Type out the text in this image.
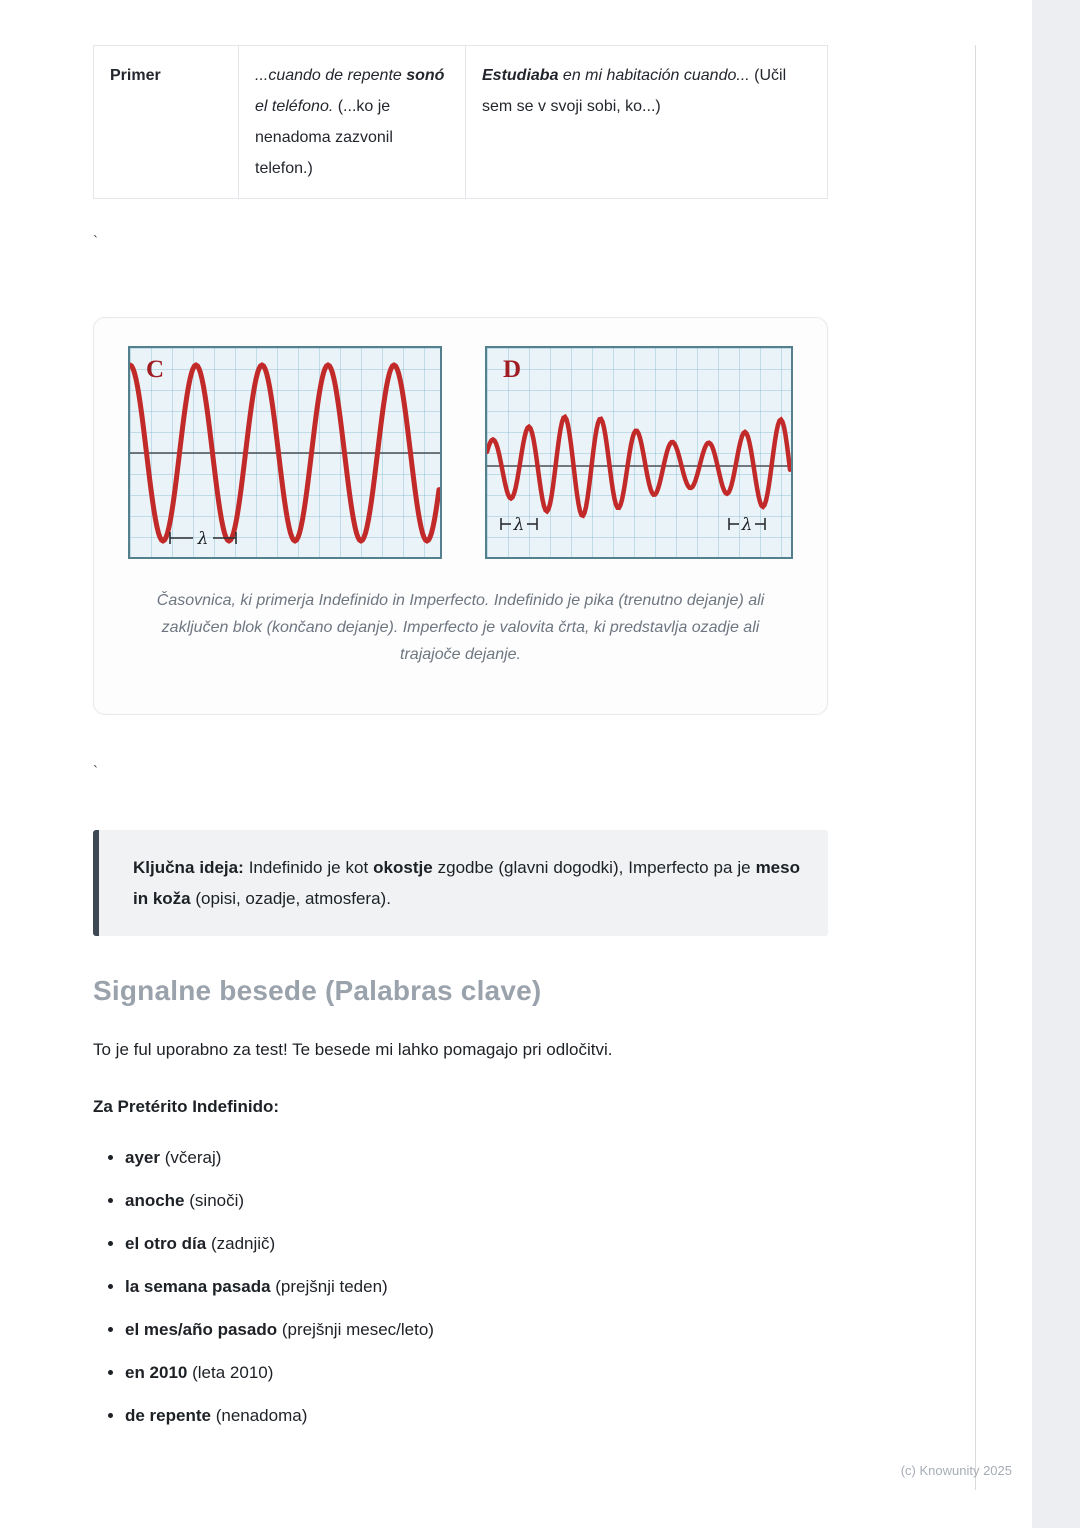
Primer	...cuando de repente sonó el teléfono. (...ko je nenadoma zazvonil telefon.)	Estudiaba en mi habitación cuando... (Učil sem se v svoji sobi, ko...)
`
C
λ
D
λ	λ
Časovnica, ki primerja Indefinido in Imperfecto. Indefinido je pika (trenutno dejanje) ali zaključen blok (končano dejanje). Imperfecto je valovita črta, ki predstavlja ozadje ali trajajoče dejanje.
`
Ključna ideja: Indefinido je kot okostje zgodbe (glavni dogodki), Imperfecto pa je meso in koža (opisi, ozadje, atmosfera).
Signalne besede (Palabras clave)

To je ful uporabno za test! Te besede mi lahko pomagajo pri odločitvi.

Za Pretérito Indefinido:

• ayer (včeraj)
• anoche (sinoči)
• el otro día (zadnjič)
• la semana pasada (prejšnji teden)
• el mes/año pasado (prejšnji mesec/leto)
• en 2010 (leta 2010)
• de repente (nenadoma)
(c) Knowunity 2025
